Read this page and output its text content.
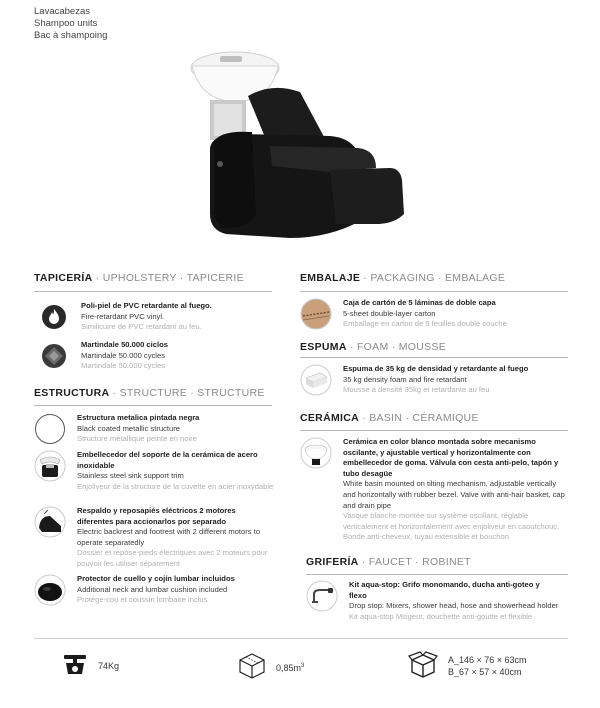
Lavacabezas
Shampoo units
Bac à shampoing
TAPICERÍA · UPHOLSTERY · TAPICERIE
Poli-piel de PVC retardante al fuego.
Fire-retardant PVC vinyl.
Similicuire de PVC retardant au feu.
Martindale 50.000 ciclos
Martindale 50.000 cycles
Martindale 50.000 cycles
ESTRUCTURA · STRUCTURE · STRUCTURE
Estructura metalica pintada negra
Black coated metallic structure
Structure métallique peinte en noire
Embellecedor del soporte de la cerámica de acero inoxidable
Stainless steel sink support trim
Enjoliveur de la structure de la cuvette en acier inoxydable
Respaldo y reposapiés eléctricos 2 motores diferentes para accionarlos por separado
Electric backrest and footrest with 2 different motors to operate separatedly
Dossier et repose-pieds électriques avec 2 moteurs pour pouvoir les utiliser séparement
Protector de cuello y cojín lumbar incluidos
Additional neck and lumbar cushion included
Protége-cou et coussin lombaire inclus
EMBALAJE · PACKAGING · EMBALAGE
Caja de cartón de 5 láminas de doble capa
5-sheet double-layer carton
Emballage en carton de 5 feuilles double couche
ESPUMA · FOAM · MOUSSE
Espuma de 35 kg de densidad y retardante al fuego
35 kg density foam and fire retardant
Mousse à densité 35kg et retardante au feu
CERÁMICA · BASIN · CÉRAMIQUE
Cerámica en color blanco montada sobre mecanismo oscilante, y ajustable vertical y horizontalmente con embellecedor de goma. Válvula con cesta anti-pelo, tapón y tubo desagüe
White basin mounted on tilting mechanism, adjustable vertically and horizontally with rubber bezel. Valve with anti-hair basket, cap and drain pipe
Vasque blanche montée sur système oscillant, réglable verticalement et horizontalement avec enjoliveur en caoutchouc. Bonde anti-cheveux, tuyau extensible et bouchon
GRIFERÍA · FAUCET · ROBINET
Kit aqua-stop: Grifo monomando, ducha anti-goteo y flexo
Drop stop: Mixers, shower head, hose and showerhead holder
Kit aqua-stop Mitigeur, douchette anti-goutte et flexible
74Kg	$0,85m^3$
A_146 × 76 × 63cm
B_67 × 57 × 40cm
